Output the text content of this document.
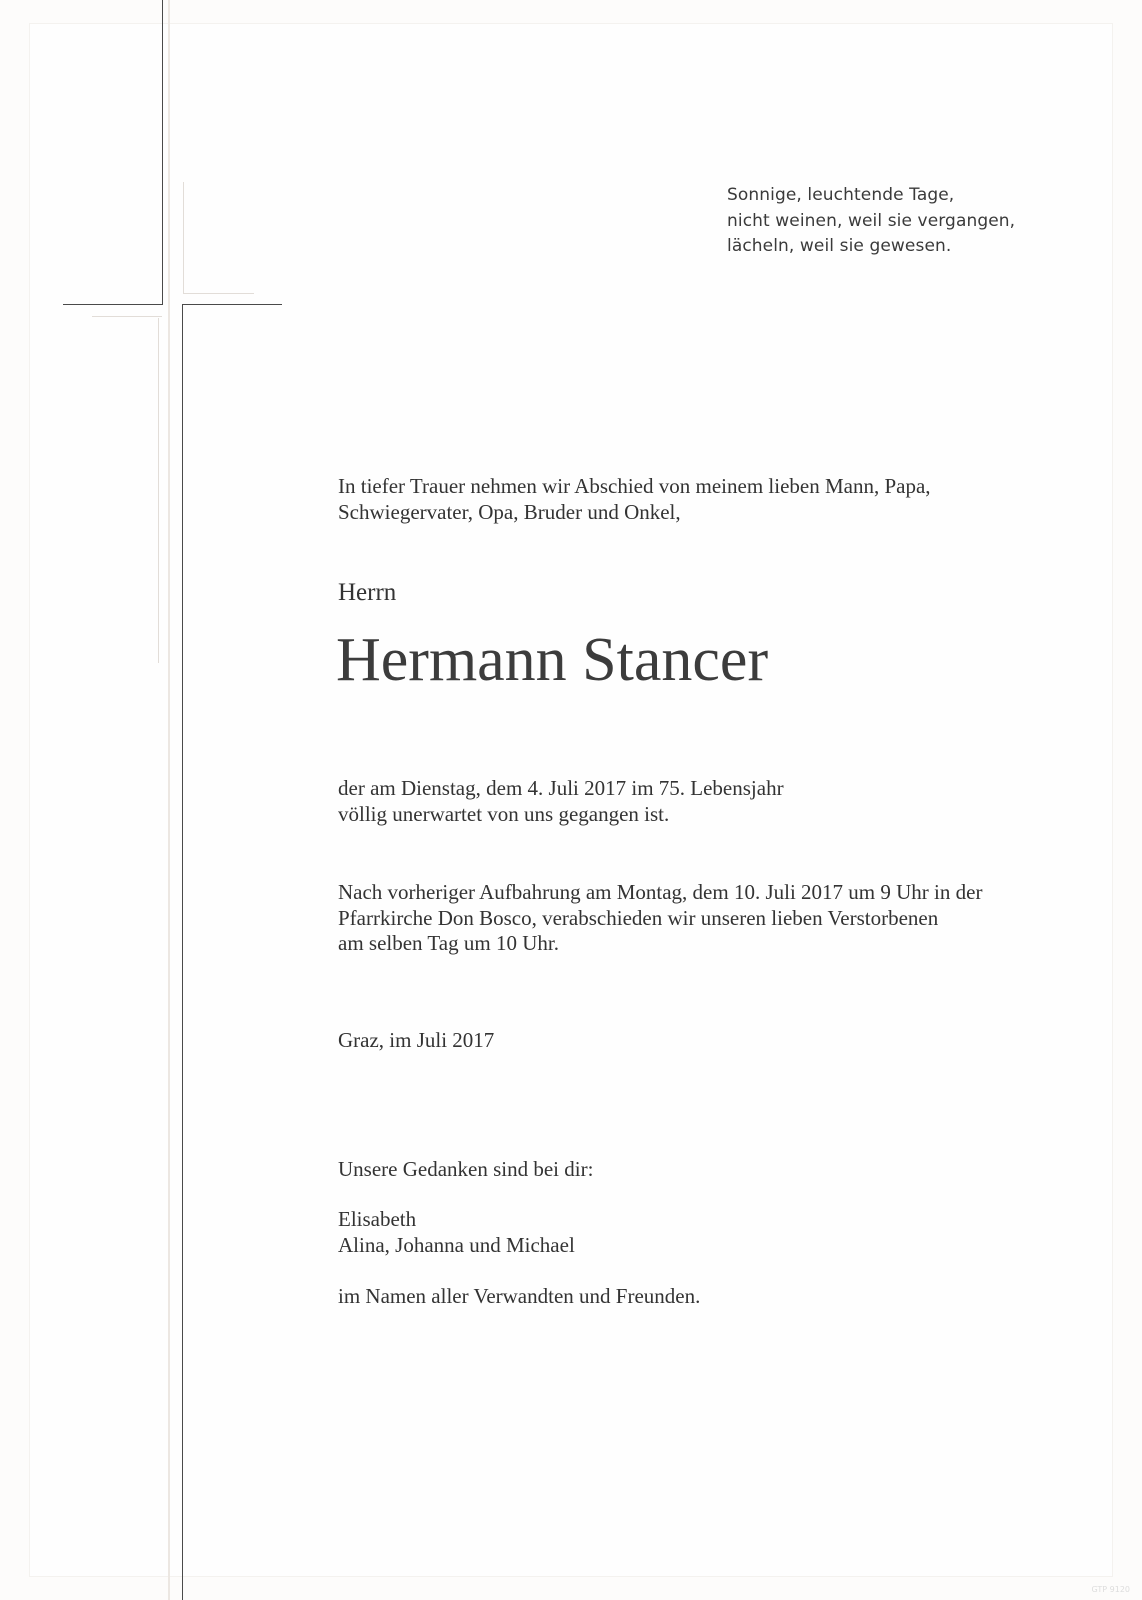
Sonnige, leuchtende Tage,
nicht weinen, weil sie vergangen,
lächeln, weil sie gewesen.
In tiefer Trauer nehmen wir Abschied von meinem lieben Mann, Papa,
Schwiegervater, Opa, Bruder und Onkel,
Herrn
Hermann Stancer
der am Dienstag, dem 4. Juli 2017 im 75. Lebensjahr
völlig unerwartet von uns gegangen ist.
Nach vorheriger Aufbahrung am Montag, dem 10. Juli 2017 um 9 Uhr in der
Pfarrkirche Don Bosco, verabschieden wir unseren lieben Verstorbenen
am selben Tag um 10 Uhr.
Graz, im Juli 2017
Unsere Gedanken sind bei dir:
Elisabeth
Alina, Johanna und Michael
im Namen aller Verwandten und Freunden.
GTP 9120
